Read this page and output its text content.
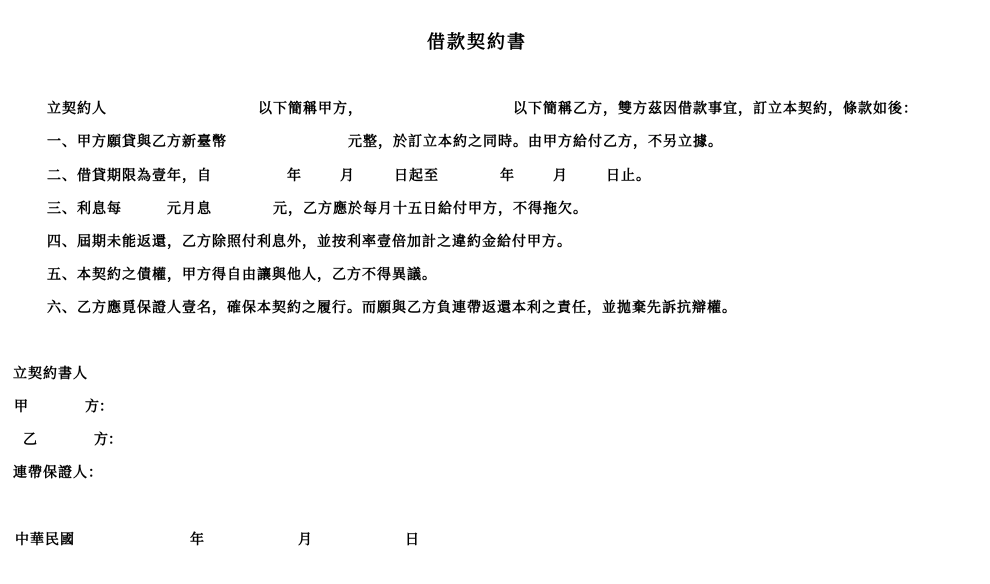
借款契約書
立契約人	以下簡稱甲方，	以下簡稱乙方，雙方茲因借款事宜，訂立本契約，條款如後：
一、甲方願貸與乙方新臺幣	元整，於訂立本約之同時。由甲方給付乙方，不另立據。
二、借貸期限為壹年，自	年	月	日起至	年	月	日止。
三、利息每	元月息	元，乙方應於每月十五日給付甲方，不得拖欠。
四、屆期未能返還，乙方除照付利息外，並按利率壹倍加計之違約金給付甲方。
五、本契約之債權，甲方得自由讓與他人，乙方不得異議。
六、乙方應覓保證人壹名，確保本契約之履行。而願與乙方負連帶返還本利之責任，並拋棄先訴抗辯權。
立契約書人
甲	方：
乙	方：
連帶保證人：
中華民國	年	月	日
